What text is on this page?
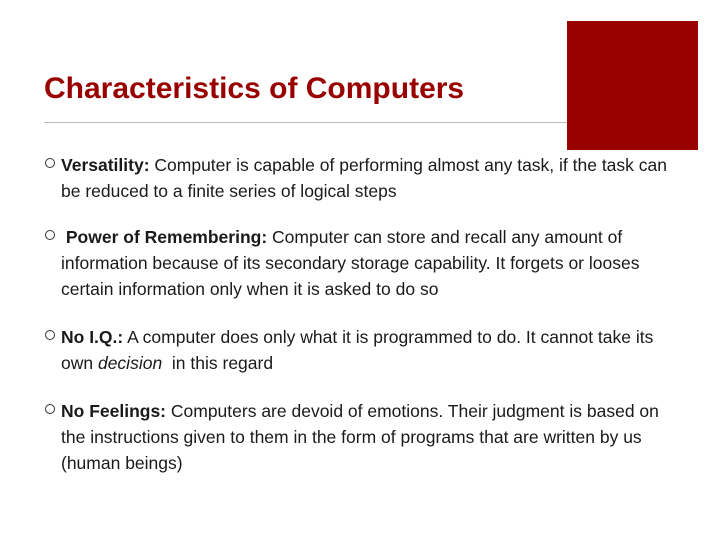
Characteristics of Computers
Versatility: Computer is capable of performing almost any task, if the task can be reduced to a finite series of logical steps
Power of Remembering: Computer can store and recall any amount of information because of its secondary storage capability. It forgets or looses certain information only when it is asked to do so
No I.Q.: A computer does only what it is programmed to do. It cannot take its own decision  in this regard
No Feelings: Computers are devoid of emotions. Their judgment is based on the instructions given to them in the form of programs that are written by us (human beings)
